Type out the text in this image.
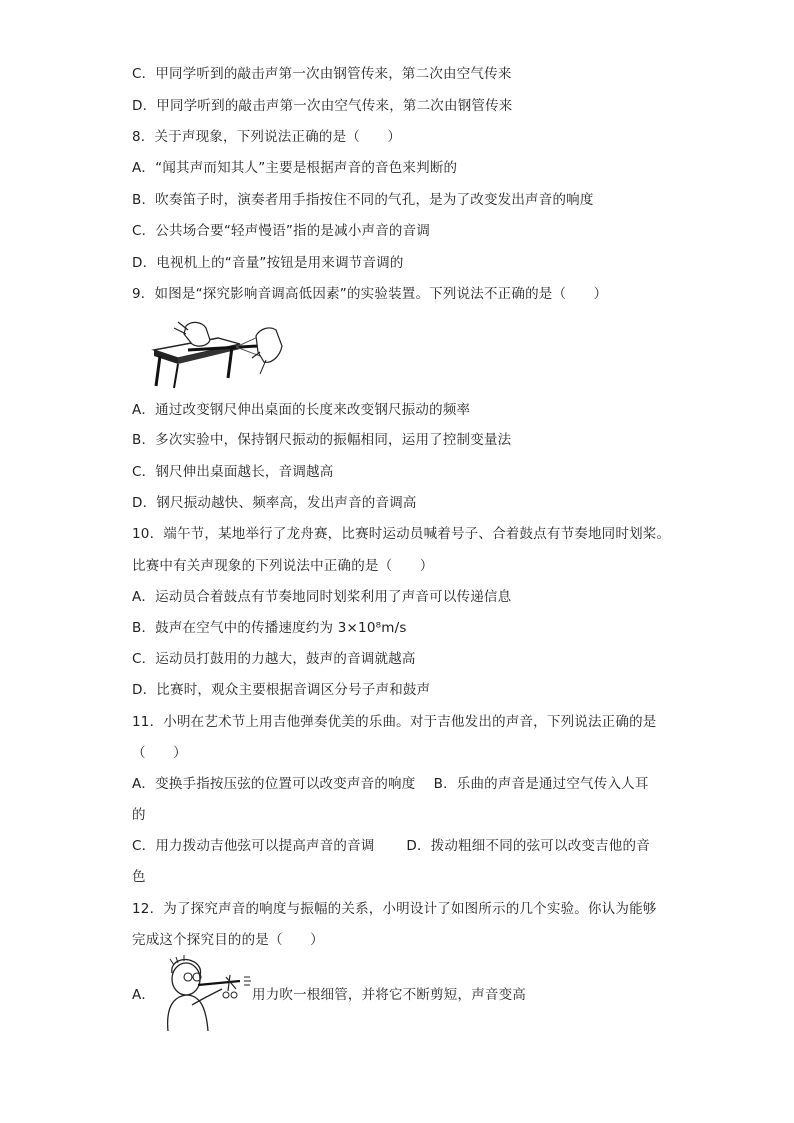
C．甲同学听到的敲击声第一次由钢管传来，第二次由空气传来
D．甲同学听到的敲击声第一次由空气传来，第二次由钢管传来
8．关于声现象，下列说法正确的是（　　）
A．“闻其声而知其人”主要是根据声音的音色来判断的
B．吹奏笛子时，演奏者用手指按住不同的气孔，是为了改变发出声音的响度
C．公共场合要“轻声慢语”指的是减小声音的音调
D．电视机上的“音量”按钮是用来调节音调的
9．如图是“探究影响音调高低因素”的实验装置。下列说法不正确的是（　　）
A．通过改变钢尺伸出桌面的长度来改变钢尺振动的频率
B．多次实验中，保持钢尺振动的振幅相同，运用了控制变量法
C．钢尺伸出桌面越长，音调越高
D．钢尺振动越快、频率高，发出声音的音调高
10．端午节，某地举行了龙舟赛，比赛时运动员喊着号子、合着鼓点有节奏地同时划桨。
比赛中有关声现象的下列说法中正确的是（　　）
A．运动员合着鼓点有节奏地同时划桨利用了声音可以传递信息
B．鼓声在空气中的传播速度约为 3×10⁸m/s
C．运动员打鼓用的力越大，鼓声的音调就越高
D．比赛时，观众主要根据音调区分号子声和鼓声
11．小明在艺术节上用吉他弹奏优美的乐曲。对于吉他发出的声音，下列说法正确的是
（　　）
A．变换手指按压弦的位置可以改变声音的响度　 B．乐曲的声音是通过空气传入人耳
的
C．用力拨动吉他弦可以提高声音的音调　　 D．拨动粗细不同的弦可以改变吉他的音
色
12．为了探究声音的响度与振幅的关系，小明设计了如图所示的几个实验。你认为能够
完成这个探究目的的是（　　）
A．	用力吹一根细管，并将它不断剪短，声音变高
